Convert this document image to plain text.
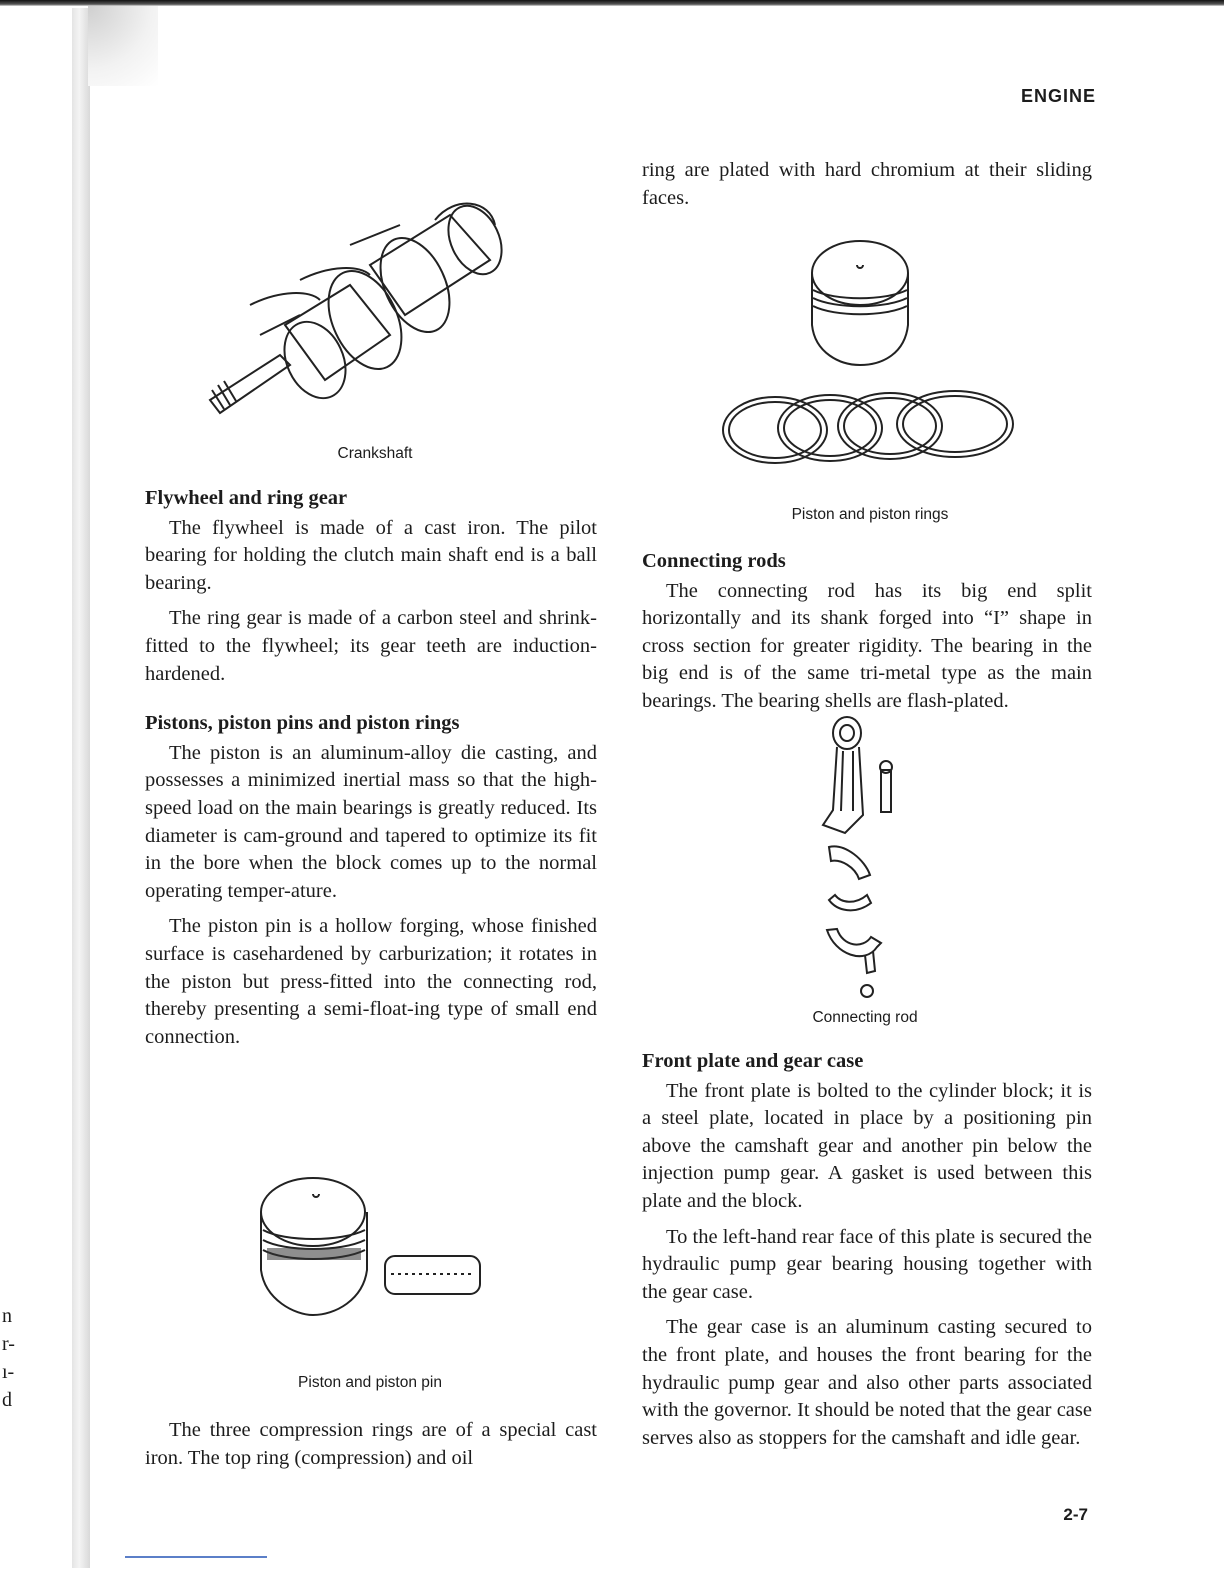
ENGINE
Crankshaft
Flywheel and ring gear

The flywheel is made of a cast iron. The pilot bearing for holding the clutch main shaft end is a ball bearing.

The ring gear is made of a carbon steel and shrink-fitted to the flywheel; its gear teeth are induction-hardened.

Pistons, piston pins and piston rings

The piston is an aluminum-alloy die casting, and possesses a minimized inertial mass so that the high-speed load on the main bearings is greatly reduced. Its diameter is cam-ground and tapered to optimize its fit in the bore when the block comes up to the normal operating temper-ature.

The piston pin is a hollow forging, whose finished surface is casehardened by carburization; it rotates in the piston but press-fitted into the connecting rod, thereby presenting a semi-float-ing type of small end connection.

Piston and piston pin

The three compression rings are of a special cast iron. The top ring (compression) and oil

ring are plated with hard chromium at their sliding faces.

Piston and piston rings
Connecting rods

The connecting rod has its big end split horizontally and its shank forged into “I” shape in cross section for greater rigidity. The bearing in the big end is of the same tri-metal type as the main bearings. The bearing shells are flash-plated.

Connecting rod
Front plate and gear case

The front plate is bolted to the cylinder block; it is a steel plate, located in place by a positioning pin above the camshaft gear and another pin below the injection pump gear. A gasket is used between this plate and the block.

To the left-hand rear face of this plate is secured the hydraulic pump gear bearing housing together with the gear case.

The gear case is an aluminum casting secured to the front plate, and houses the front bearing for the hydraulic pump gear and also other parts associated with the governor. It should be noted that the gear case serves also as stoppers for the camshaft and idle gear.

2-7
n
r-
ı-
d
